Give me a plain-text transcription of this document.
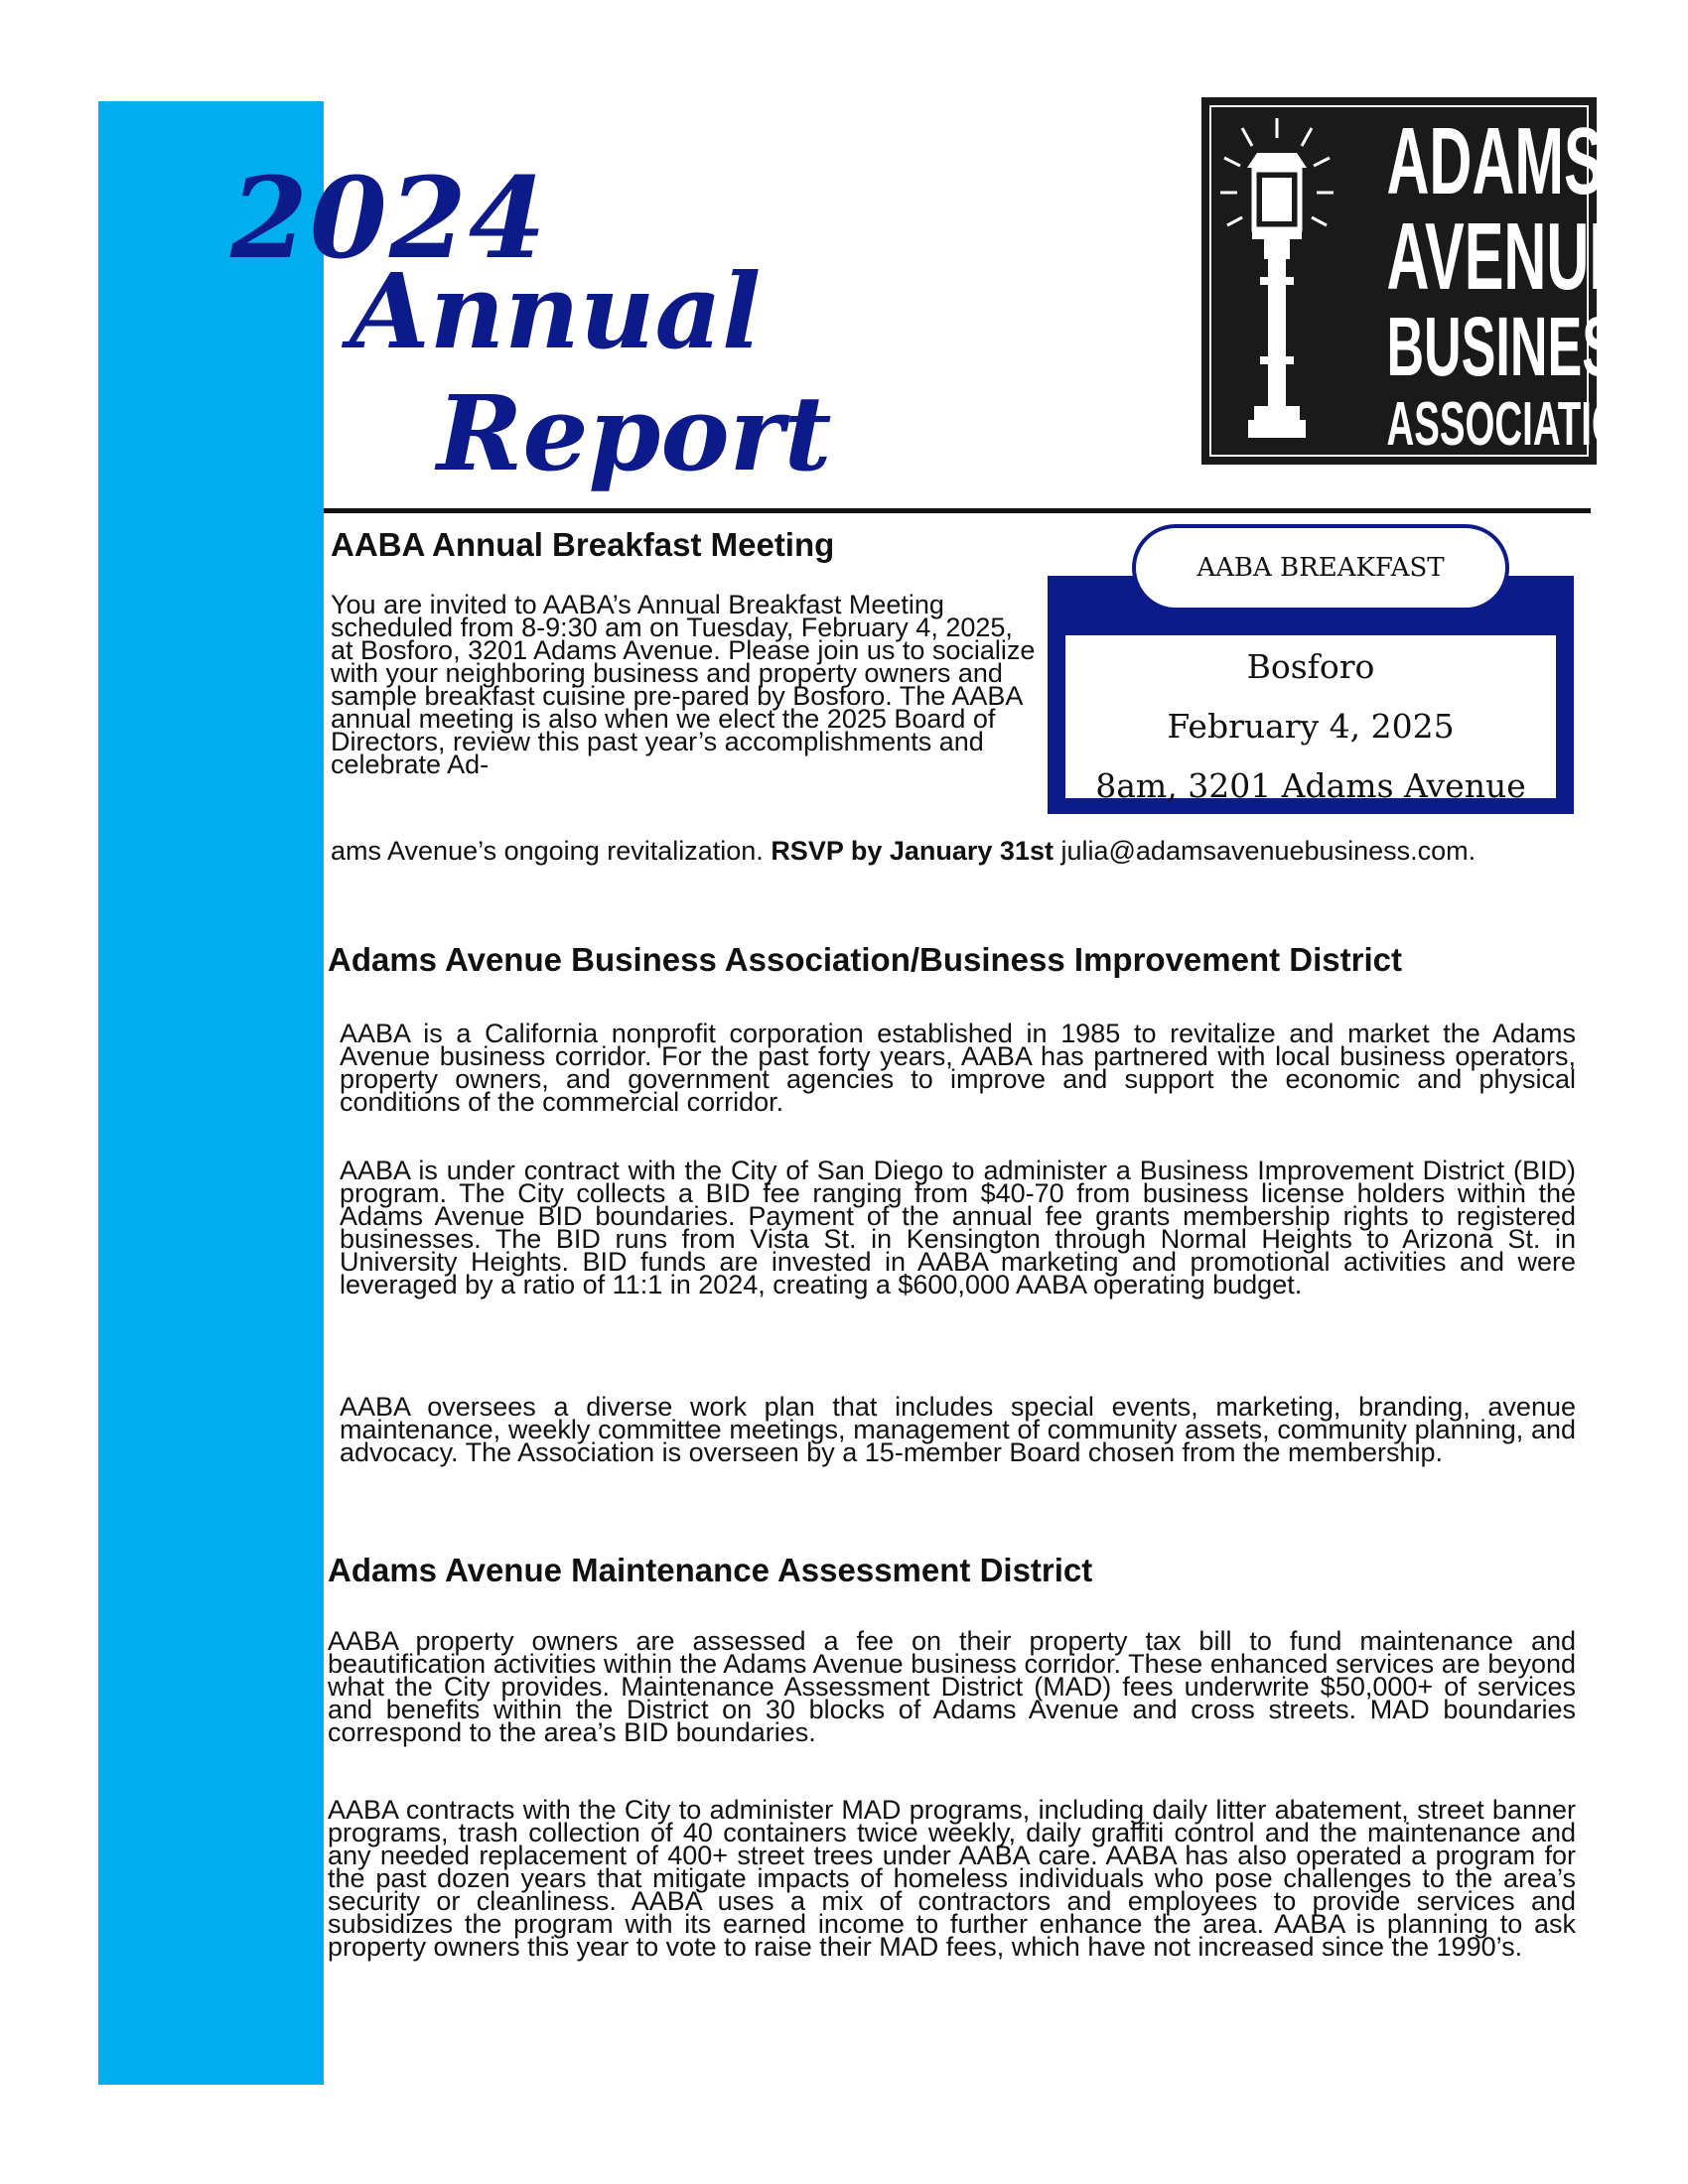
2024
Annual
Report
ADAMS
AVENUE
BUSINESS
ASSOCIATION
AABA Annual Breakfast Meeting

You are invited to AABA’s Annual Breakfast Meeting scheduled from 8-9:30 am on Tuesday, February 4, 2025, at Bosforo, 3201 Adams Avenue. Please join us to socialize with your neighboring business and property owners and sample breakfast cuisine pre-pared by Bosforo. The AABA annual meeting is also when we elect the 2025 Board of Directors, review this past year’s accomplishments and celebrate Ad-

ams Avenue’s ongoing revitalization. RSVP by January 31st julia@adamsavenuebusiness.com.

Bosforo
February 4, 2025
8am, 3201 Adams Avenue
AABA BREAKFAST
Adams Avenue Business Association/Business Improvement District

AABA is a California nonprofit corporation established in 1985 to revitalize and market the Adams Avenue business corridor. For the past forty years, AABA has partnered with local business operators, property owners, and government agencies to improve and support the economic and physical conditions of the commercial corridor.

AABA is under contract with the City of San Diego to administer a Business Improvement District (BID) program. The City collects a BID fee ranging from $40-70 from business license holders within the Adams Avenue BID boundaries. Payment of the annual fee grants membership rights to registered businesses. The BID runs from Vista St. in Kensington through Normal Heights to Arizona St. in University Heights. BID funds are invested in AABA marketing and promotional activities and were leveraged by a ratio of 11:1 in 2024, creating a $600,000 AABA operating budget.

AABA oversees a diverse work plan that includes special events, marketing, branding, avenue maintenance, weekly committee meetings, management of community assets, community planning, and advocacy. The Association is overseen by a 15-member Board chosen from the membership.

Adams Avenue Maintenance Assessment District

AABA property owners are assessed a fee on their property tax bill to fund maintenance and beautification activities within the Adams Avenue business corridor. These enhanced services are beyond what the City provides. Maintenance Assessment District (MAD) fees underwrite $50,000+ of services and benefits within the District on 30 blocks of Adams Avenue and cross streets. MAD boundaries correspond to the area’s BID boundaries.

AABA contracts with the City to administer MAD programs, including daily litter abatement, street banner programs, trash collection of 40 containers twice weekly, daily graffiti control and the maintenance and any needed replacement of 400+ street trees under AABA care. AABA has also operated a program for the past dozen years that mitigate impacts of homeless individuals who pose challenges to the area’s security or cleanliness. AABA uses a mix of contractors and employees to provide services and subsidizes the program with its earned income to further enhance the area. AABA is planning to ask property owners this year to vote to raise their MAD fees, which have not increased since the 1990’s.
